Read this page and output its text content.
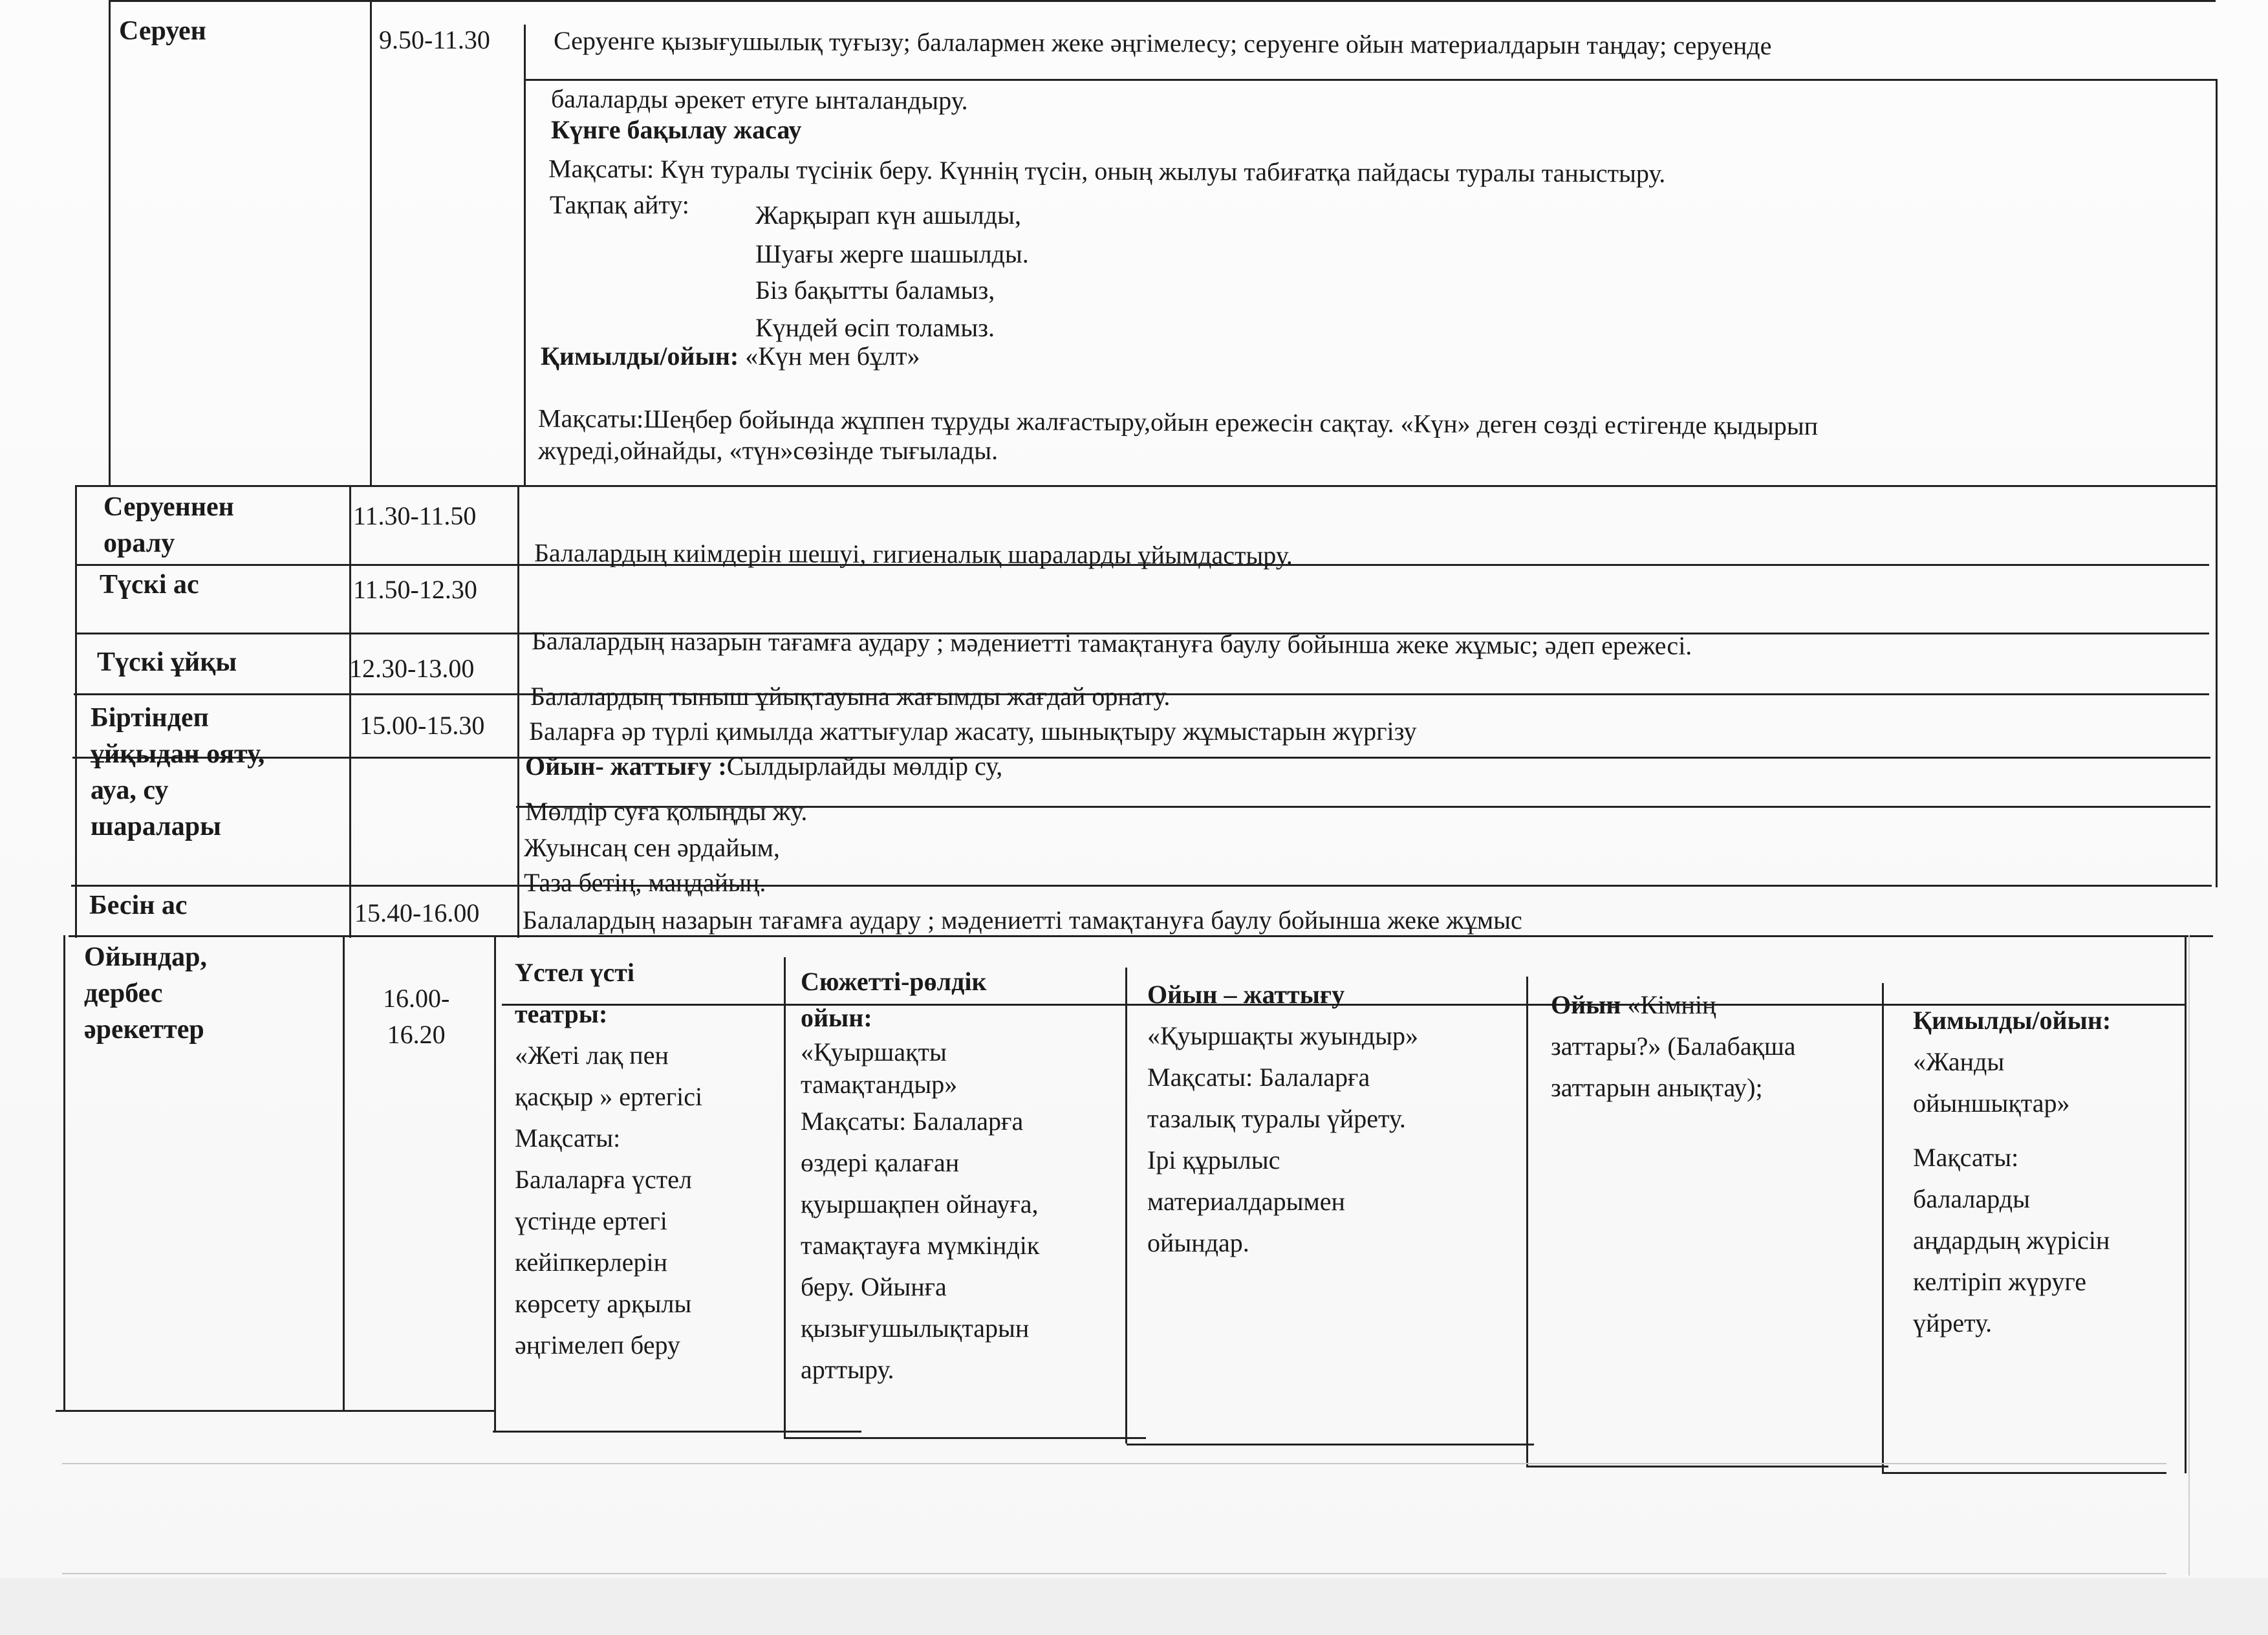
Серуен
Серуеннен
оралу
Түскі ас
Түскі ұйқы
Біртіндеп
ұйқыдан ояту,
ауа, су
шаралары
Бесін ас
Ойындар,
дербес
әрекеттер
9.50-11.30
11.30-11.50
11.50-12.30
12.30-13.00
15.00-15.30
15.40-16.00
16.00-
16.20
Серуенге қызығушылық туғызу; балалармен жеке әңгімелесу; серуенге ойын материалдарын таңдау; серуенде
балаларды әрекет етуге ынталандыру.
Күнге бақылау жасау
Мақсаты: Күн туралы түсінік беру. Күннің түсін, оның жылуы табиғатқа пайдасы туралы таныстыру.
Тақпақ айту:	Жарқырап күн ашылды,
Шуағы жерге шашылды.
Біз бақытты баламыз,
Күндей өсіп толамыз.
Қимылды/ойын: «Күн мен бұлт»
Мақсаты:Шеңбер бойында жұппен тұруды жалғастыру,ойын ережесін сақтау. «Күн» деген сөзді естігенде қыдырып
жүреді,ойнайды, «түн»сөзінде тығылады.
Балалардың киімдерін шешуі, гигиеналық шараларды ұйымдастыру.
Балалардың назарын тағамға аудару ; мәдениетті тамақтануға баулу бойынша жеке жұмыс; әдеп ережесі.
Балалардың тыныш ұйықтауына жағымды жағдай орнату.
Баларға әр түрлі қимылда жаттығулар жасату, шынықтыру жұмыстарын жүргізу
Ойын- жаттығу :Сылдырлайды мөлдір су,
Мөлдір суға қолыңды жу.
Жуынсаң сен әрдайым,
Таза бетің, маңдайың.
Балалардың назарын тағамға аудару ; мәдениетті тамақтануға баулу бойынша жеке жұмыс
Үстел үсті
театры:
«Жеті лақ пен
қасқыр » ертегісі
Мақсаты:
Балаларға үстел
үстінде ертегі
кейіпкерлерін
көрсету арқылы
әңгімелеп беру
Сюжетті-рөлдік
ойын:
«Қуыршақты
тамақтандыр»
Мақсаты: Балаларға
өздері қалаған
қуыршақпен ойнауға,
тамақтауға мүмкіндік
беру. Ойынға
қызығушылықтарын
арттыру.
Ойын – жаттығу
«Қуыршақты жуындыр»
Мақсаты: Балаларға
тазалық туралы үйрету.
Ірі құрылыс
материалдарымен
ойындар.
Ойын «Кімнің
заттары?» (Балабақша
заттарын анықтау);
Қимылды/ойын:
«Жанды
ойыншықтар»
Мақсаты:
балаларды
аңдардың жүрісін
келтіріп жүруге
үйрету.
